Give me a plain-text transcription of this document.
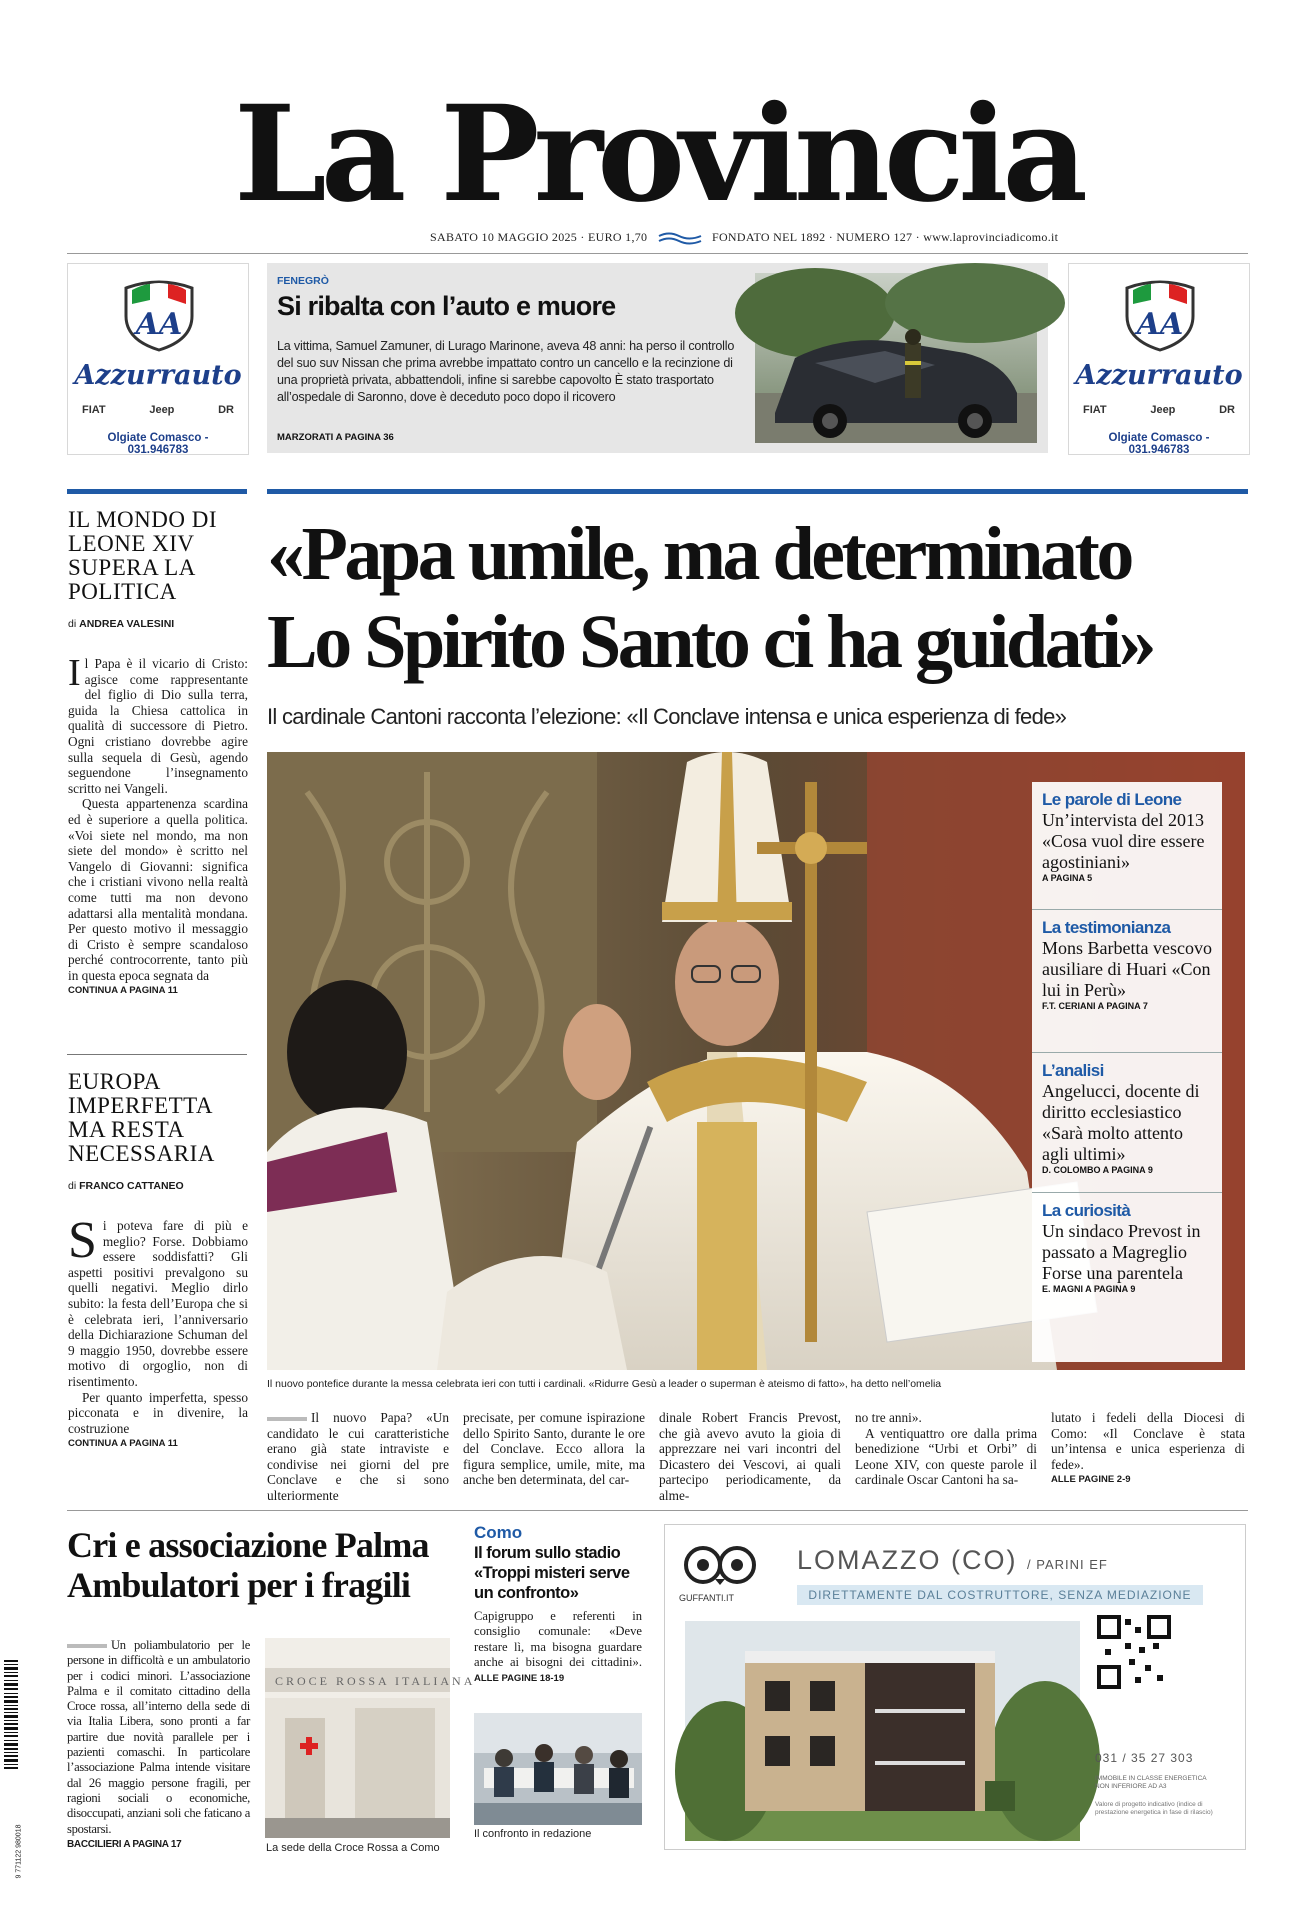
La Provincia
SABATO 10 MAGGIO 2025 · EURO 1,70	FONDATO NEL 1892 · NUMERO 127 · www.laprovinciadicomo.it
AA
Azzurrauto
FIAT	Jeep	DR
Olgiate Comasco - 031.946783
AA
Azzurrauto
FIAT	Jeep	DR
Olgiate Comasco - 031.946783
FENEGRÒ
Si ribalta con l’auto e muore
La vittima, Samuel Zamuner, di Lurago Marinone, aveva 48 anni: ha perso il controllo del suo suv Nissan che prima avrebbe impattato contro un cancello e la recinzione di una proprietà privata, abbattendoli, infine si sarebbe capovolto È stato trasportato all’ospedale di Saronno, dove è deceduto poco dopo il ricovero
MARZORATI A PAGINA 36
IL MONDO DI LEONE XIV SUPERA LA POLITICA
di ANDREA VALESINI
Il Papa è il vicario di Cristo: agisce come rappresentante del figlio di Dio sulla terra, guida la Chiesa cattolica in qualità di successore di Pietro. Ogni cristiano dovrebbe agire sulla sequela di Gesù, agendo seguendone l’insegnamento scritto nei Vangeli.
Questa appartenenza scardina ed è superiore a quella politica. «Voi siete nel mondo, ma non siete del mondo» è scritto nel Vangelo di Giovanni: significa che i cristiani vivono nella realtà come tutti ma non devono adattarsi alla mentalità mondana. Per questo motivo il messaggio di Cristo è sempre scandaloso perché controcorrente, tanto più in questa epoca segnata da
CONTINUA A PAGINA 11
EUROPA IMPERFETTA MA RESTA NECESSARIA
di FRANCO CATTANEO
Si poteva fare di più e meglio? Forse. Dobbiamo essere soddisfatti? Gli aspetti positivi prevalgono su quelli negativi. Meglio dirlo subito: la festa dell’Europa che si è celebrata ieri, l’anniversario della Dichiarazione Schuman del 9 maggio 1950, dovrebbe essere motivo di orgoglio, non di risentimento.
Per quanto imperfetta, spesso picconata e in divenire, la costruzione
CONTINUA A PAGINA 11
«Papa umile, ma determinato
Lo Spirito Santo ci ha guidati»
Il cardinale Cantoni racconta l’elezione: «Il Conclave intensa e unica esperienza di fede»
Le parole di Leone
Un’intervista del 2013 «Cosa vuol dire essere agostiniani»
A PAGINA 5
La testimonianza
Mons Barbetta vescovo ausiliare di Huari «Con lui in Perù»
F.T. CERIANI A PAGINA 7
L’analisi
Angelucci, docente di diritto ecclesiastico «Sarà molto attento agli ultimi»
D. COLOMBO A PAGINA 9
La curiosità
Un sindaco Prevost in passato a Magreglio Forse una parentela
E. MAGNI A PAGINA 9
Il nuovo pontefice durante la messa celebrata ieri con tutti i cardinali. «Ridurre Gesù a leader o superman è ateismo di fatto», ha detto nell’omelia
Il nuovo Papa? «Un candidato le cui caratteristiche erano già state intraviste e condivise nei giorni del pre Conclave e che si sono ulteriormente
precisate, per comune ispirazione dello Spirito Santo, durante le ore del Conclave. Ecco allora la figura semplice, umile, mite, ma anche ben determinata, del car-
dinale Robert Francis Prevost, che già avevo avuto la gioia di apprezzare nei vari incontri del Dicastero dei Vescovi, ai quali partecipo periodicamente, da alme-
no tre anni».
A ventiquattro ore dalla prima benedizione “Urbi et Orbi” di Leone XIV, con queste parole il cardinale Oscar Cantoni ha sa-
lutato i fedeli della Diocesi di Como: «Il Conclave è stata un’intensa e unica esperienza di fede».
ALLE PAGINE 2-9
Cri e associazione Palma Ambulatori per i fragili
Un poliambulatorio per le persone in difficoltà e un ambulatorio per i codici minori. L’associazione Palma e il comitato cittadino della Croce rossa, all’interno della sede di via Italia Libera, sono pronti a far partire due novità parallele per i pazienti comaschi. In particolare l’associazione Palma intende visitare dal 26 maggio persone fragili, per ragioni sociali o economiche, disoccupati, anziani soli che faticano a spostarsi.
BACCILIERI A PAGINA 17
CROCE ROSSA ITALIANA
La sede della Croce Rossa a Como
Como
Il forum sullo stadio «Troppi misteri serve un confronto»
Capigruppo e referenti in consiglio comunale: «Deve restare lì, ma bisogna guardare anche ai bisogni dei cittadini». ALLE PAGINE 18-19
Il confronto in redazione
GUFFANTI.IT
LOMAZZO (CO) / PARINI EF
DIRETTAMENTE DAL COSTRUTTORE, SENZA MEDIAZIONE
031 / 35 27 303
IMMOBILE IN CLASSE ENERGETICA NON INFERIORE AD A3
Valore di progetto indicativo (indice di prestazione energetica in fase di rilascio)
9 771122 980018
